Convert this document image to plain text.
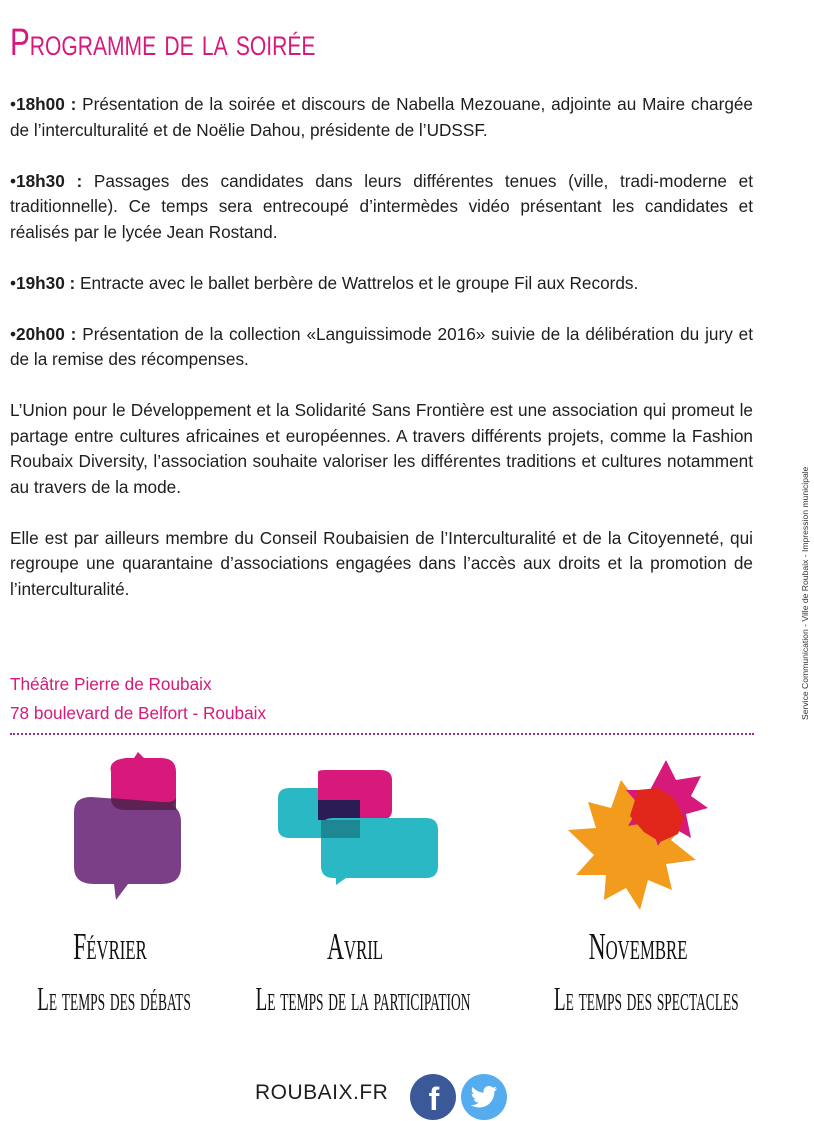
Programme de la soirée

•18h00 : Présentation de la soirée et discours de Nabella Mezouane, adjointe au Maire chargée de l’interculturalité et de Noëlie Dahou, présidente de l’UDSSF.

•18h30 : Passages des candidates dans leurs différentes tenues (ville, tradi-moderne et traditionnelle). Ce temps sera entrecoupé d’intermèdes vidéo présentant les candidates et réalisés par le lycée Jean Rostand.

•19h30 : Entracte avec le ballet berbère de Wattrelos et le groupe Fil aux Records.

•20h00 : Présentation de la collection «Languissimode 2016» suivie de la délibération du jury et de la remise des récompenses.

L’Union pour le Développement et la Solidarité Sans Frontière est une association qui promeut le partage entre cultures africaines et européennes. A travers différents projets, comme la Fashion Roubaix Diversity, l’association souhaite valoriser les différentes traditions et cultures notamment au travers de la mode.

Elle est par ailleurs membre du Conseil Roubaisien de l’Interculturalité et de la Citoyenneté, qui regroupe une quarantaine d’associations engagées dans l’accès aux droits et la promotion de l’interculturalité.

Théâtre Pierre de Roubaix
78 boulevard de Belfort - Roubaix	Service Communication - Ville de Roubaix - Impression municipale
Février
Le temps des débats
Avril
Le temps de la participation
Novembre
Le temps des spectacles
ROUBAIX.FR f
